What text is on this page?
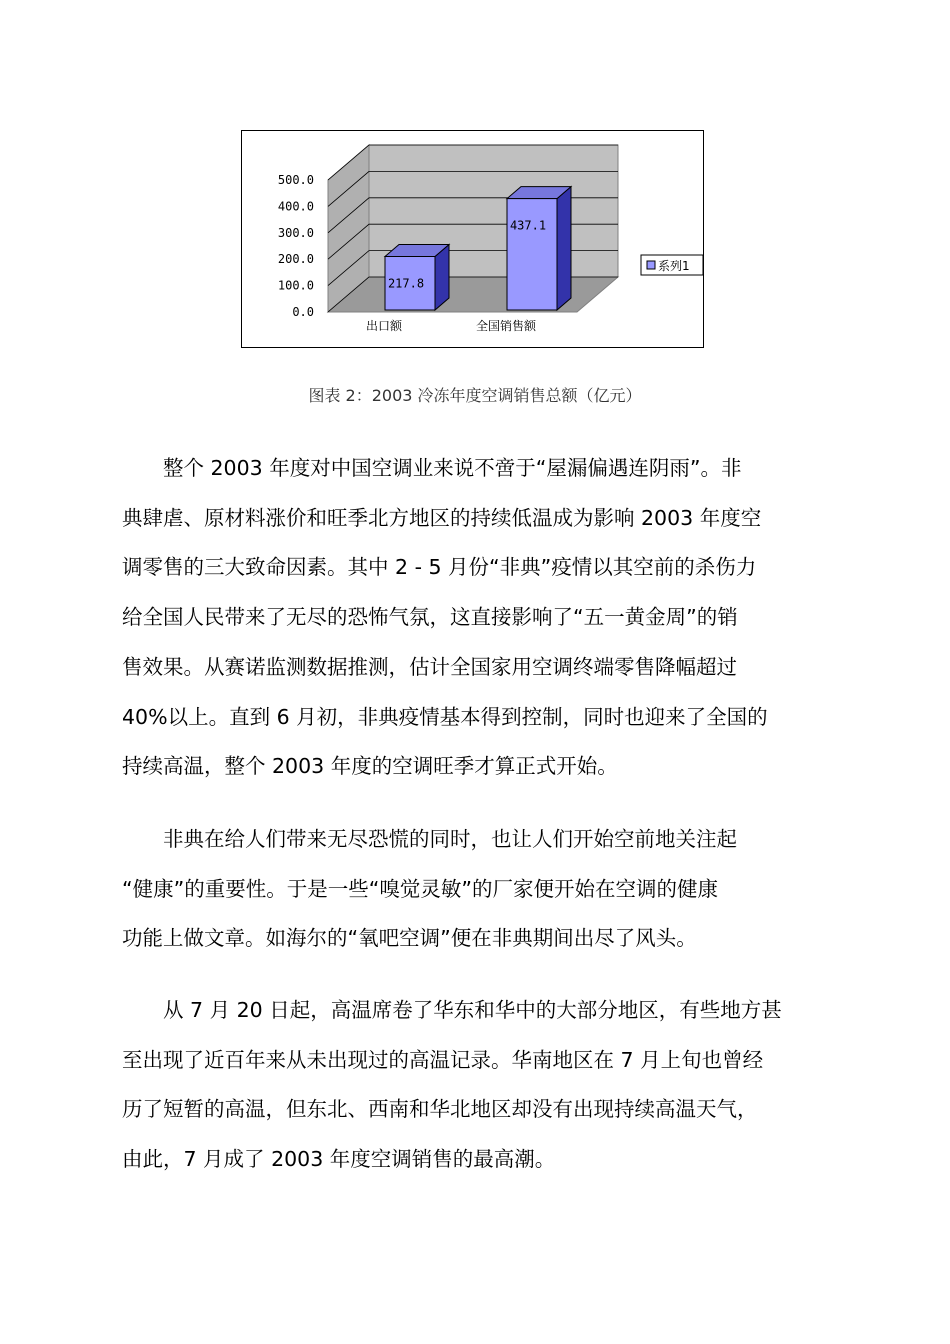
500.0
400.0
300.0
200.0
100.0
0.0
217.8
出口额
437.1
全国销售额
系列1
图表 2：2003 冷冻年度空调销售总额（亿元）
整个 2003 年度对中国空调业来说不啻于“屋漏偏遇连阴雨”。非
典肆虐、原材料涨价和旺季北方地区的持续低温成为影响 2003 年度空
调零售的三大致命因素。其中 2 - 5 月份“非典”疫情以其空前的杀伤力
给全国人民带来了无尽的恐怖气氛，这直接影响了“五一黄金周”的销
售效果。从赛诺监测数据推测，估计全国家用空调终端零售降幅超过
40%以上。直到 6 月初，非典疫情基本得到控制，同时也迎来了全国的
持续高温，整个 2003 年度的空调旺季才算正式开始。
非典在给人们带来无尽恐慌的同时，也让人们开始空前地关注起
“健康”的重要性。于是一些“嗅觉灵敏”的厂家便开始在空调的健康
功能上做文章。如海尔的“氧吧空调”便在非典期间出尽了风头。
从 7 月 20 日起，高温席卷了华东和华中的大部分地区，有些地方甚
至出现了近百年来从未出现过的高温记录。华南地区在 7 月上旬也曾经
历了短暂的高温，但东北、西南和华北地区却没有出现持续高温天气，
由此，7 月成了 2003 年度空调销售的最高潮。
